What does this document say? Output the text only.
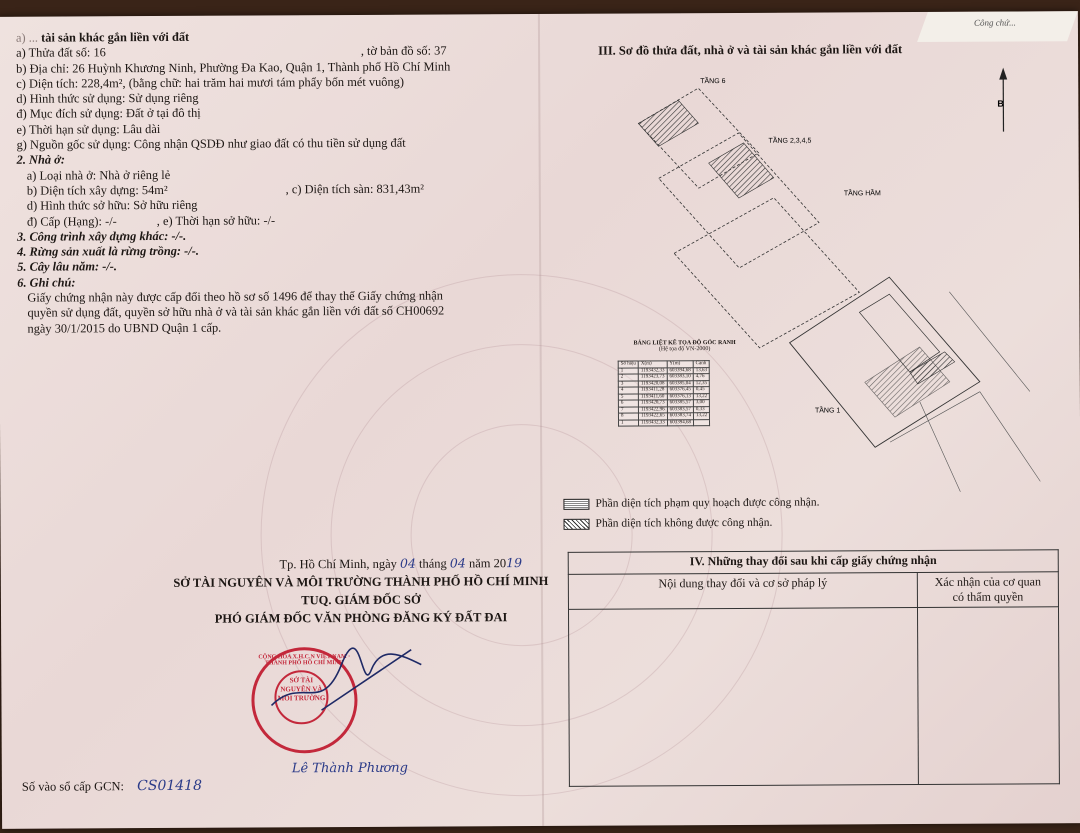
Công chứ...
a) ... tài sản khác gắn liền với đất
a) Thửa đất số: 16	, tờ bản đồ số: 37
b) Địa chỉ: 26 Huỳnh Khương Ninh, Phường Đa Kao, Quận 1, Thành phố Hồ Chí Minh
c) Diện tích: 228,4m², (bằng chữ: hai trăm hai mươi tám phẩy bốn mét vuông)
d) Hình thức sử dụng: Sử dụng riêng
đ) Mục đích sử dụng: Đất ở tại đô thị
e) Thời hạn sử dụng: Lâu dài
g) Nguồn gốc sử dụng: Công nhận QSDĐ như giao đất có thu tiền sử dụng đất
2. Nhà ở:
a) Loại nhà ở: Nhà ở riêng lẻ
b) Diện tích xây dựng: 54m²	, c) Diện tích sàn: 831,43m²
d) Hình thức sở hữu: Sở hữu riêng
đ) Cấp (Hạng): -/-	, e) Thời hạn sở hữu: -/-
3. Công trình xây dựng khác: -/-.
4. Rừng sản xuất là rừng trồng: -/-.
5. Cây lâu năm: -/-.
6. Ghi chú:
Giấy chứng nhận này được cấp đổi theo hồ sơ số 1496 để thay thế Giấy chứng nhận
quyền sử dụng đất, quyền sở hữu nhà ở và tài sản khác gắn liền với đất số CH00692
ngày 30/1/2015 do UBND Quận 1 cấp.
III. Sơ đồ thửa đất, nhà ở và tài sản khác gắn liền với đất
TẦNG 6
TẦNG 2,3,4,5
TẦNG HẦM
TẦNG 1
B
BẢNG LIỆT KÊ TỌA ĐỘ GÓC RANH
(Hệ tọa độ VN-2000)
Số hiệu	X(m)	Y(m)	Cạnh
1	1193432,33	603394,68	13,63
2	1193423,73	603383,10	4,76
3	1193420,08	603385,04	12,35
4	1193411,28	603376,45	0,45
5	1193411,60	603376,13	13,22
6	1193420,73	603385,57	3,00
7	1193422,96	603383,57	0,33
8	1193422,65	603383,74	13,22
1	1193432,33	603394,68	
Phần diện tích phạm quy hoạch được công nhận.
Phần diện tích không được công nhận.
Tp. Hồ Chí Minh, ngày 04 tháng 04 năm 2019
SỞ TÀI NGUYÊN VÀ MÔI TRƯỜNG THÀNH PHỐ HỒ CHÍ MINH
TUQ. GIÁM ĐỐC SỞ
PHÓ GIÁM ĐỐC VĂN PHÒNG ĐĂNG KÝ ĐẤT ĐAI
SỞ TÀI NGUYÊN VÀ MÔI TRƯỜNG
CỘNG HÒA X.H.C.N VIỆT NAM · THÀNH PHỐ HỒ CHÍ MINH
Lê Thành Phương
Số vào sổ cấp GCN: CS01418
IV. Những thay đổi sau khi cấp giấy chứng nhận	
Nội dung thay đổi và cơ sở pháp lý	Xác nhận của cơ quan
có thẩm quyền
